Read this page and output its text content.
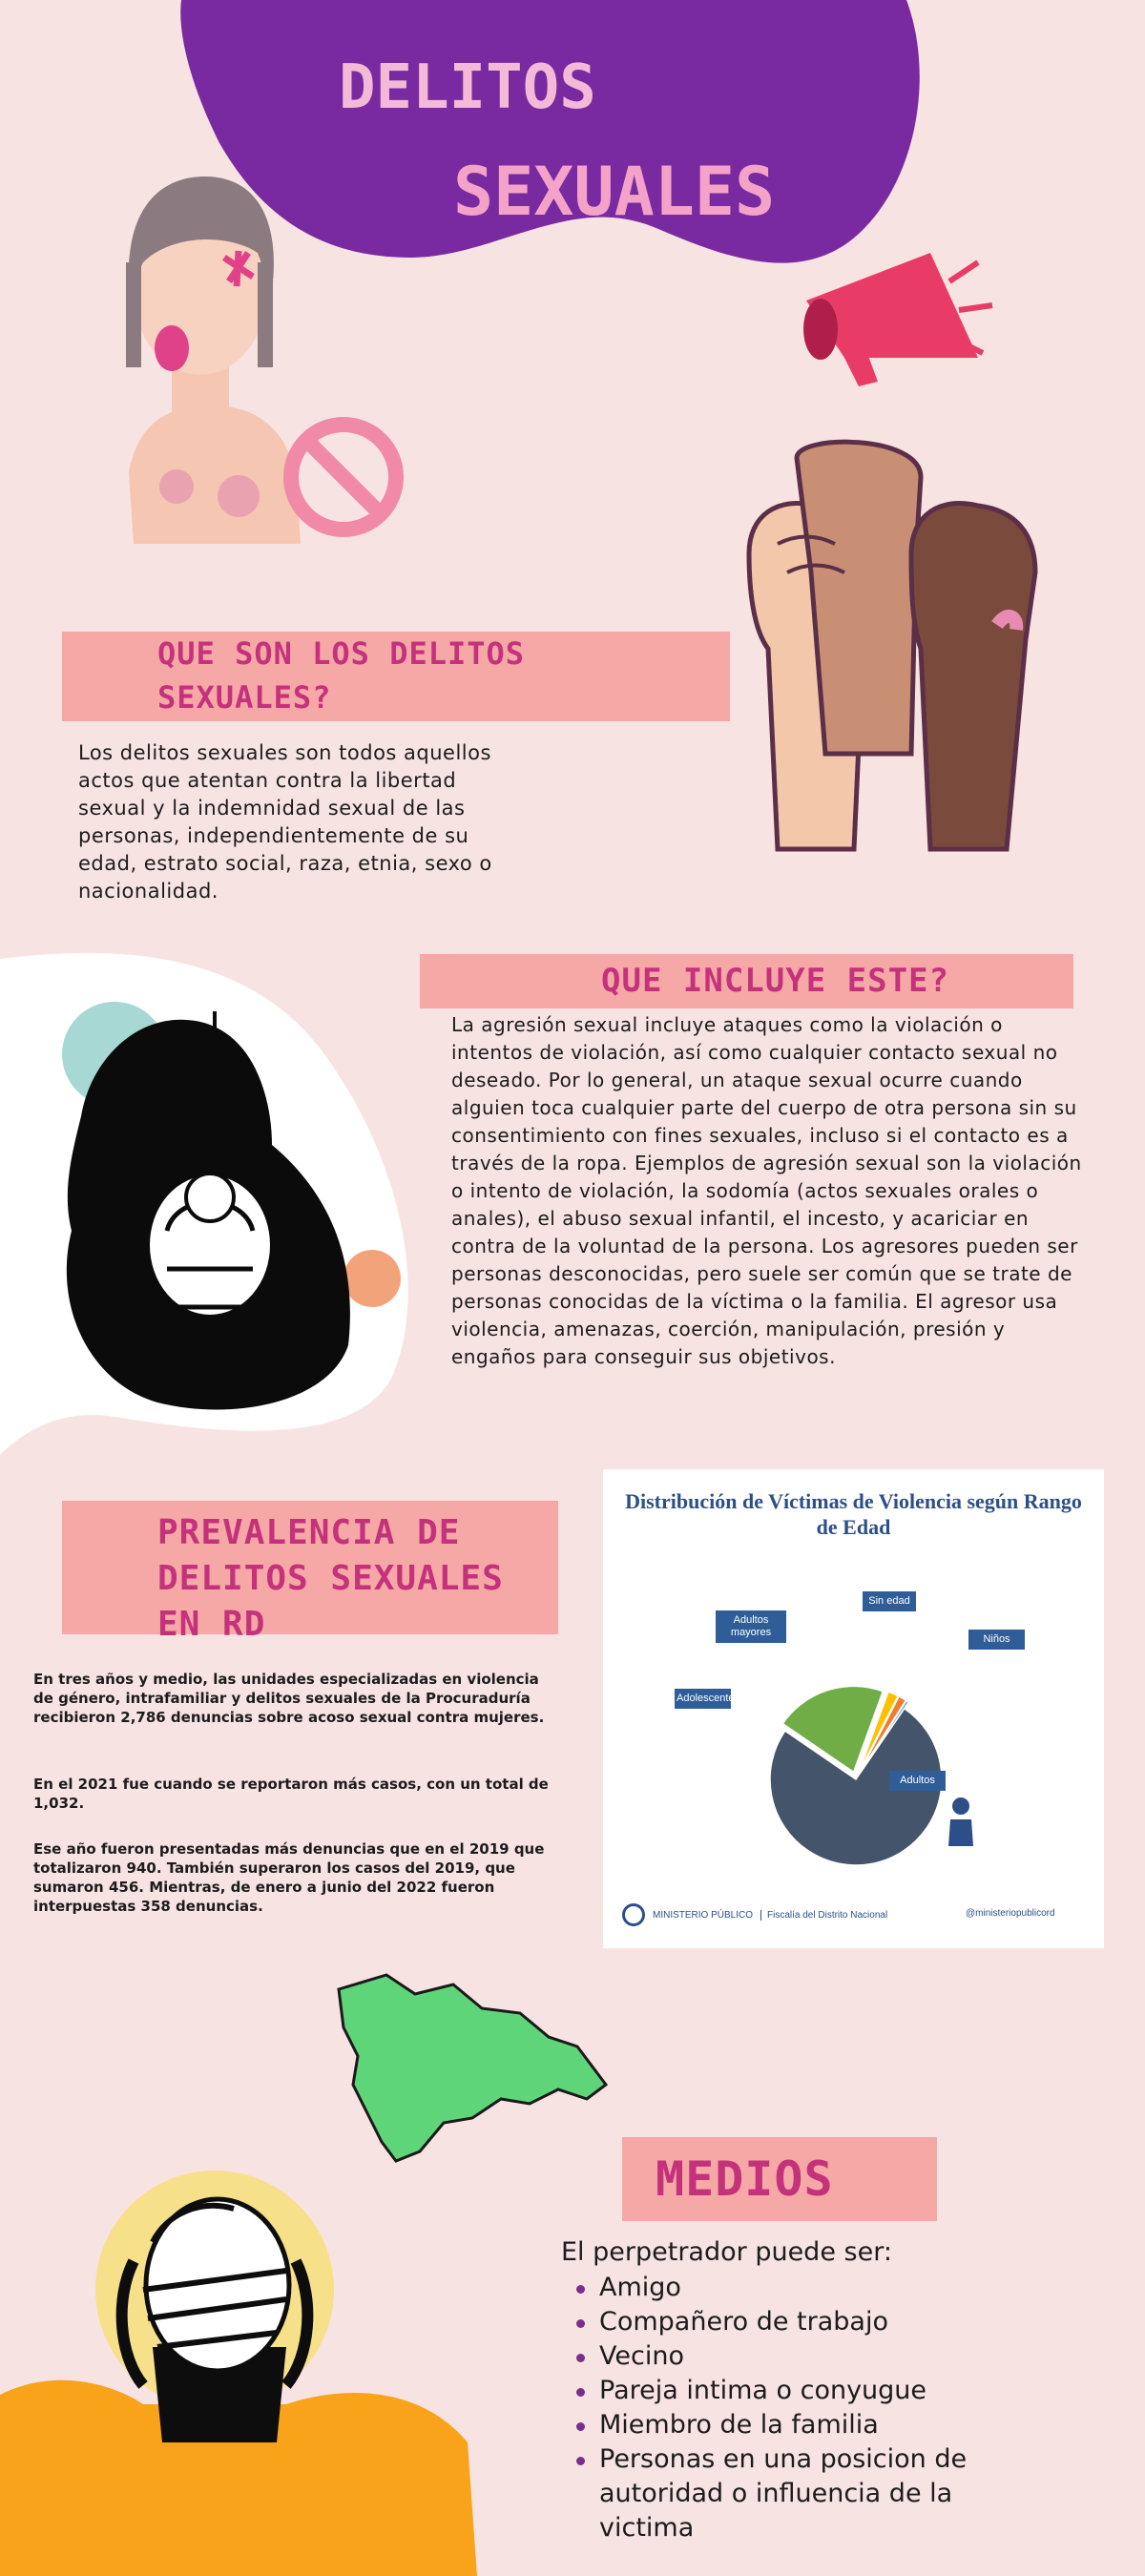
DELITOS
SEXUALES
QUE SON LOS DELITOS SEXUALES?
Los delitos sexuales son todos aquellos actos que atentan contra la libertad sexual y la indemnidad sexual de las personas, independientemente de su edad, estrato social, raza, etnia, sexo o nacionalidad.
QUE INCLUYE ESTE?
La agresión sexual incluye ataques como la violación o intentos de violación, así como cualquier contacto sexual no deseado. Por lo general, un ataque sexual ocurre cuando alguien toca cualquier parte del cuerpo de otra persona sin su consentimiento con fines sexuales, incluso si el contacto es a través de la ropa. Ejemplos de agresión sexual son la violación o intento de violación, la sodomía (actos sexuales orales o anales), el abuso sexual infantil, el incesto, y acariciar en contra de la voluntad de la persona. Los agresores pueden ser personas desconocidas, pero suele ser común que se trate de personas conocidas de la víctima o la familia. El agresor usa violencia, amenazas, coerción, manipulación, presión y engaños para conseguir sus objetivos.
PREVALENCIA DE DELITOS SEXUALES EN RD
En tres años y medio, las unidades especializadas en violencia de género, intrafamiliar y delitos sexuales de la Procuraduría recibieron 2,786 denuncias sobre acoso sexual contra mujeres.
En el 2021 fue cuando se reportaron más casos, con un total de 1,032.
Ese año fueron presentadas más denuncias que en el 2019 que totalizaron 940. También superaron los casos del 2019, que sumaron 456. Mientras, de enero a junio del 2022 fueron interpuestas 358 denuncias.
Distribución de Víctimas de Violencia según Rango de Edad
Adolescentes
Adultos mayores
Sin edad
Niños
Adultos
MINISTERIO PÚBLICO	Fiscalía del Distrito Nacional	@ministeriopublicord
MEDIOS
El perpetrador puede ser:
Amigo
Compañero de trabajo
Vecino
Pareja intima o conyugue
Miembro de la familia
Personas en una posicion de autoridad o influencia de la victima
